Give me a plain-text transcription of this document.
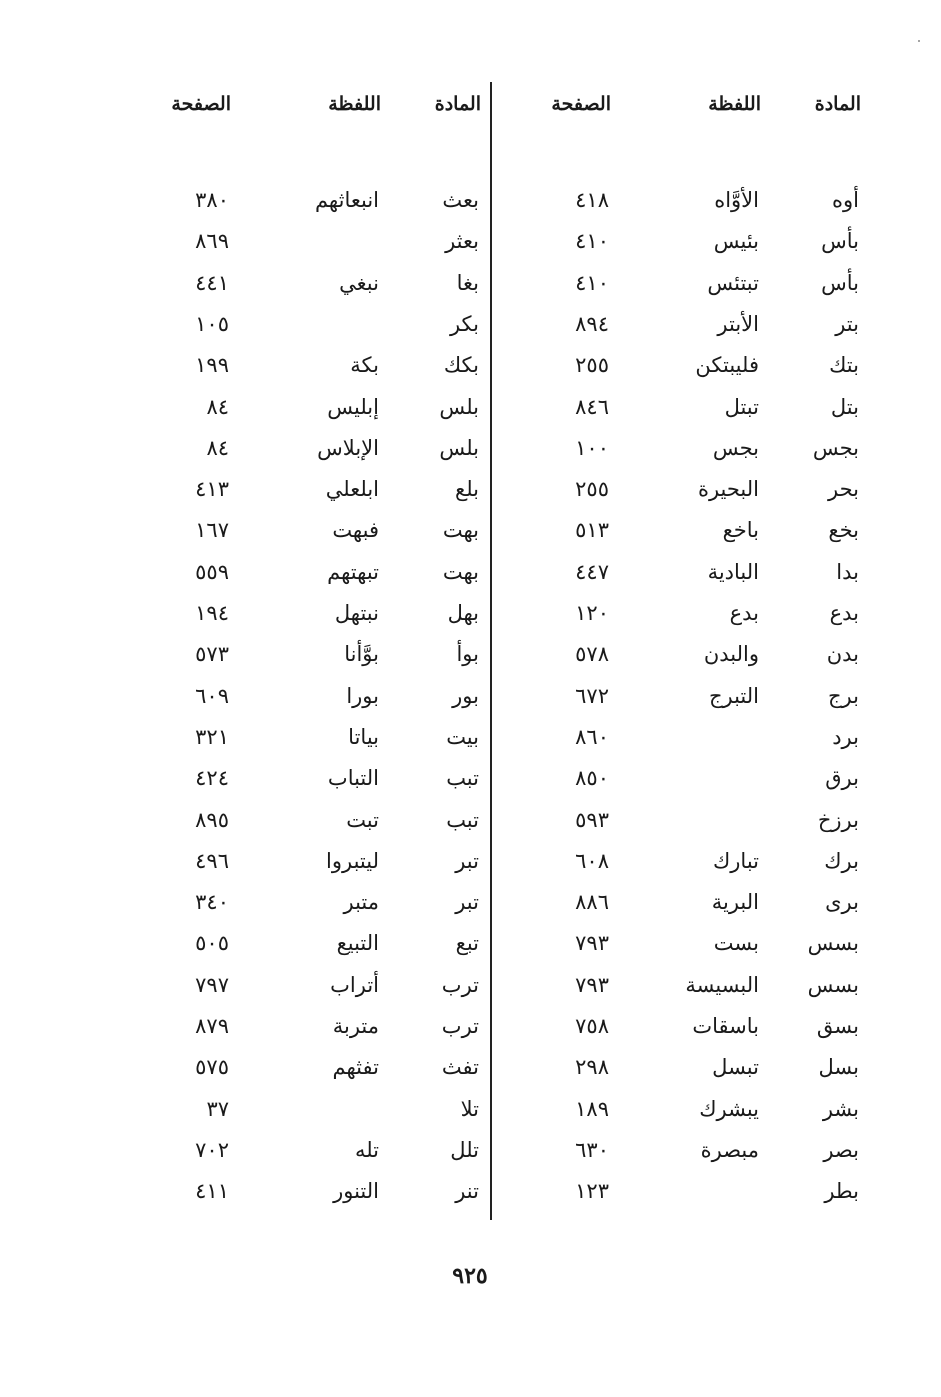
المادة
اللفظة
الصفحة
المادة
اللفظة
الصفحة
أوه
الأوَّاه
٤١٨
بأس
بئيس
٤١٠
بأس
تبتئس
٤١٠
بتر
الأبتر
٨٩٤
بتك
فليبتكن
٢٥٥
بتل
تبتل
٨٤٦
بجس
بجس
١٠٠
بحر
البحيرة
٢٥٥
بخع
باخع
٥١٣
بدا
البادية
٤٤٧
بدع
بدع
١٢٠
بدن
والبدن
٥٧٨
برج
التبرج
٦٧٢
برد
٨٦٠
برق
٨٥٠
برزخ
٥٩٣
برك
تبارك
٦٠٨
برى
البرية
٨٨٦
بسس
بست
٧٩٣
بسس
البسيسة
٧٩٣
بسق
باسقات
٧٥٨
بسل
تبسل
٢٩٨
بشر
يبشرك
١٨٩
بصر
مبصرة
٦٣٠
بطر
١٢٣
بعث
انبعاثهم
٣٨٠
بعثر
٨٦٩
بغا
نبغي
٤٤١
بكر
١٠٥
بكك
بكة
١٩٩
بلس
إبليس
٨٤
بلس
الإبلاس
٨٤
بلع
ابلعلي
٤١٣
بهت
فبهت
١٦٧
بهت
تبهتهم
٥٥٩
بهل
نبتهل
١٩٤
بوأ
بوَّأنا
٥٧٣
بور
بورا
٦٠٩
بيت
بياتا
٣٢١
تبب
التباب
٤٢٤
تبب
تبت
٨٩٥
تبر
ليتبروا
٤٩٦
تبر
متبر
٣٤٠
تبع
التبيع
٥٠٥
ترب
أتراب
٧٩٧
ترب
متربة
٨٧٩
تفث
تفثهم
٥٧٥
تلا
٣٧
تلل
تله
٧٠٢
تنر
التنور
٤١١
٩٢٥
